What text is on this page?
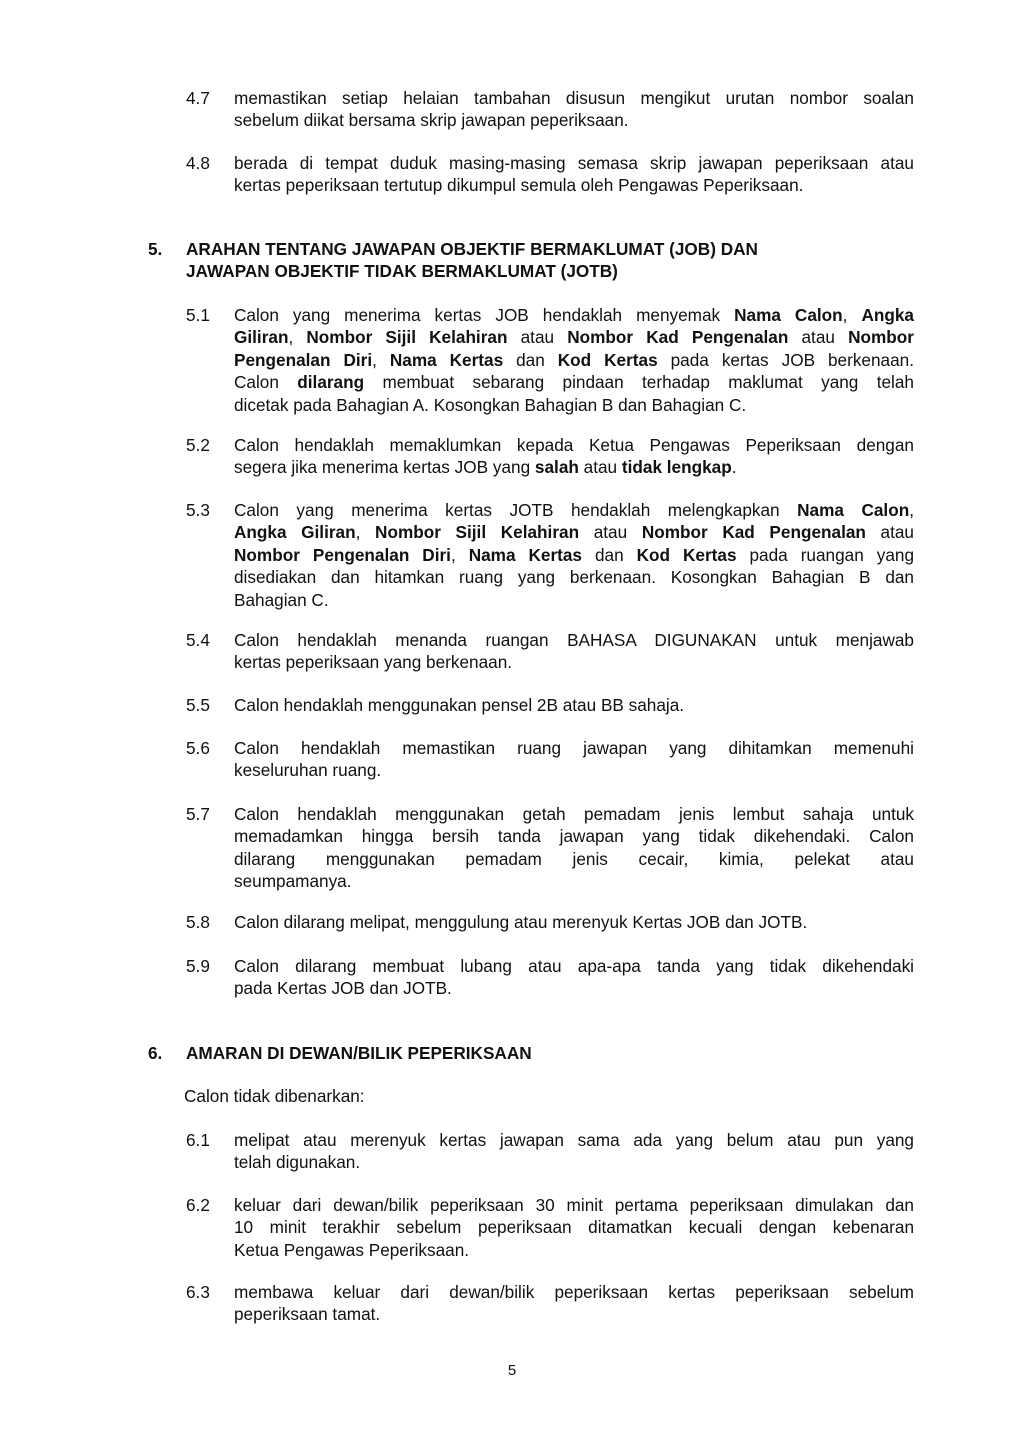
4.7	memastikan setiap helaian tambahan disusun mengikut urutan nombor soalan
sebelum diikat bersama skrip jawapan peperiksaan.
4.8	berada di tempat duduk masing-masing semasa skrip jawapan peperiksaan atau
kertas peperiksaan tertutup dikumpul semula oleh Pengawas Peperiksaan.
5. ARAHAN TENTANG JAWAPAN OBJEKTIF BERMAKLUMAT (JOB) DAN
JAWAPAN OBJEKTIF TIDAK BERMAKLUMAT (JOTB)
5.1	Calon yang menerima kertas JOB hendaklah menyemak Nama Calon, Angka
Giliran, Nombor Sijil Kelahiran atau Nombor Kad Pengenalan atau Nombor
Pengenalan Diri, Nama Kertas dan Kod Kertas pada kertas JOB berkenaan.
Calon dilarang membuat sebarang pindaan terhadap maklumat yang telah
dicetak pada Bahagian A. Kosongkan Bahagian B dan Bahagian C.
5.2	Calon hendaklah memaklumkan kepada Ketua Pengawas Peperiksaan dengan
segera jika menerima kertas JOB yang salah atau tidak lengkap.
5.3	Calon yang menerima kertas JOTB hendaklah melengkapkan Nama Calon,
Angka Giliran, Nombor Sijil Kelahiran atau Nombor Kad Pengenalan atau
Nombor Pengenalan Diri, Nama Kertas dan Kod Kertas pada ruangan yang
disediakan dan hitamkan ruang yang berkenaan. Kosongkan Bahagian B dan
Bahagian C.
5.4	Calon hendaklah menanda ruangan BAHASA DIGUNAKAN untuk menjawab
kertas peperiksaan yang berkenaan.
5.5	Calon hendaklah menggunakan pensel 2B atau BB sahaja.
5.6	Calon hendaklah memastikan ruang jawapan yang dihitamkan memenuhi
keseluruhan ruang.
5.7	Calon hendaklah menggunakan getah pemadam jenis lembut sahaja untuk
memadamkan hingga bersih tanda jawapan yang tidak dikehendaki. Calon
dilarang menggunakan pemadam jenis cecair, kimia, pelekat atau
seumpamanya.
5.8	Calon dilarang melipat, menggulung atau merenyuk Kertas JOB dan JOTB.
5.9	Calon dilarang membuat lubang atau apa-apa tanda yang tidak dikehendaki
pada Kertas JOB dan JOTB.
6. AMARAN DI DEWAN/BILIK PEPERIKSAAN
Calon tidak dibenarkan:
6.1	melipat atau merenyuk kertas jawapan sama ada yang belum atau pun yang
telah digunakan.
6.2	keluar dari dewan/bilik peperiksaan 30 minit pertama peperiksaan dimulakan dan
10 minit terakhir sebelum peperiksaan ditamatkan kecuali dengan kebenaran
Ketua Pengawas Peperiksaan.
6.3	membawa keluar dari dewan/bilik peperiksaan kertas peperiksaan sebelum
peperiksaan tamat.
5
